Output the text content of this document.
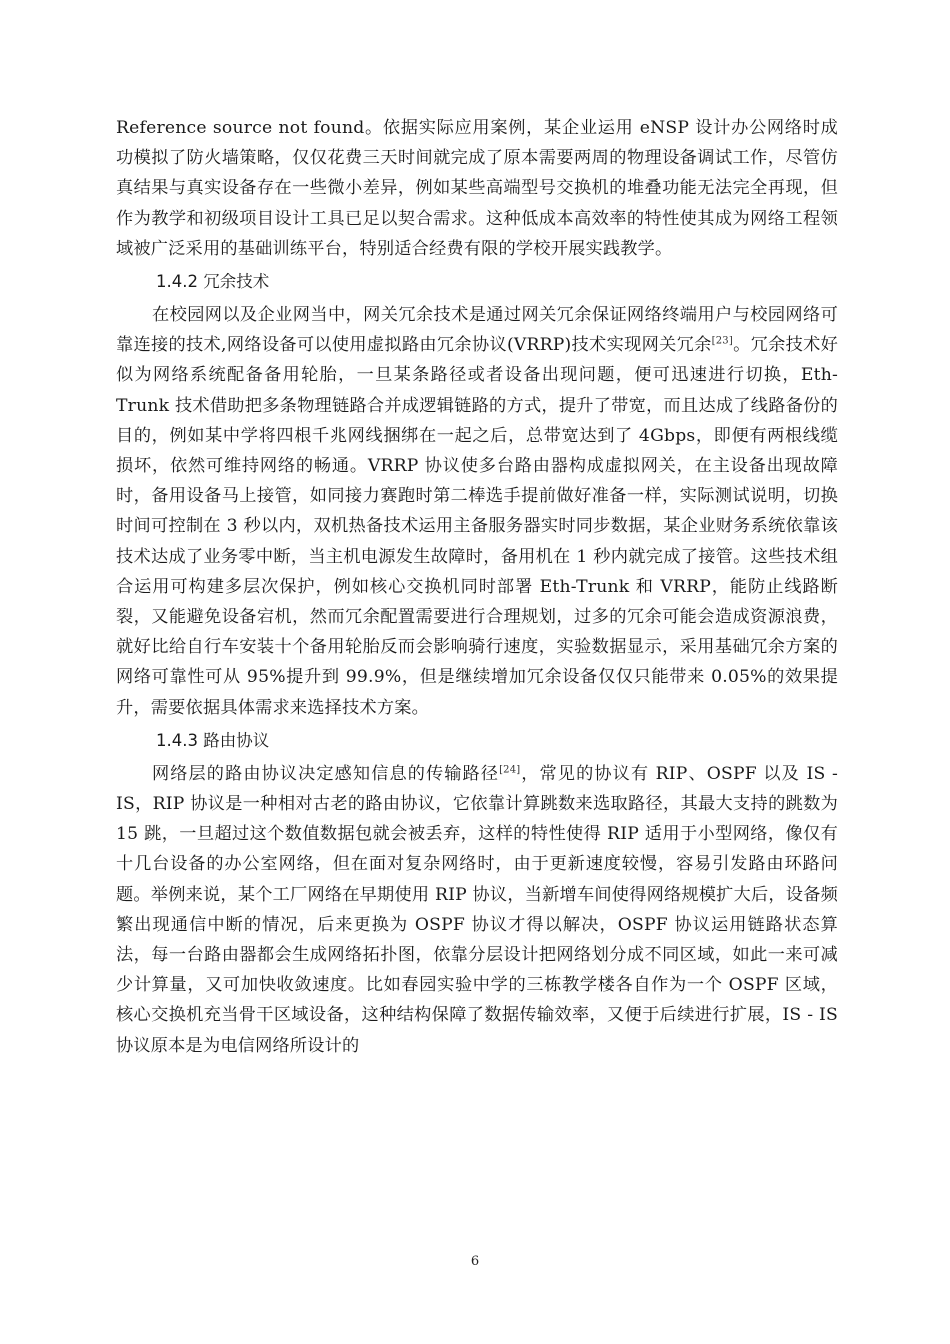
Reference source not found。依据实际应用案例，某企业运用 eNSP 设计办公网络时成功模拟了防火墙策略，仅仅花费三天时间就完成了原本需要两周的物理设备调试工作，尽管仿真结果与真实设备存在一些微小差异，例如某些高端型号交换机的堆叠功能无法完全再现，但作为教学和初级项目设计工具已足以契合需求。这种低成本高效率的特性使其成为网络工程领域被广泛采用的基础训练平台，特别适合经费有限的学校开展实践教学。

1.4.2 冗余技术

在校园网以及企业网当中，网关冗余技术是通过网关冗余保证网络终端用户与校园网络可靠连接的技术,网络设备可以使用虚拟路由冗余协议(VRRP)技术实现网关冗余[23]。冗余技术好似为网络系统配备备用轮胎，一旦某条路径或者设备出现问题，便可迅速进行切换，Eth-Trunk 技术借助把多条物理链路合并成逻辑链路的方式，提升了带宽，而且达成了线路备份的目的，例如某中学将四根千兆网线捆绑在一起之后，总带宽达到了 4Gbps，即便有两根线缆损坏，依然可维持网络的畅通。VRRP 协议使多台路由器构成虚拟网关，在主设备出现故障时，备用设备马上接管，如同接力赛跑时第二棒选手提前做好准备一样，实际测试说明，切换时间可控制在 3 秒以内，双机热备技术运用主备服务器实时同步数据，某企业财务系统依靠该技术达成了业务零中断，当主机电源发生故障时，备用机在 1 秒内就完成了接管。这些技术组合运用可构建多层次保护，例如核心交换机同时部署 Eth-Trunk 和 VRRP，能防止线路断裂，又能避免设备宕机，然而冗余配置需要进行合理规划，过多的冗余可能会造成资源浪费，就好比给自行车安装十个备用轮胎反而会影响骑行速度，实验数据显示，采用基础冗余方案的网络可靠性可从 95%提升到 99.9%，但是继续增加冗余设备仅仅只能带来 0.05%的效果提升，需要依据具体需求来选择技术方案。

1.4.3 路由协议

网络层的路由协议决定感知信息的传输路径[24]，常见的协议有 RIP、OSPF 以及 IS - IS，RIP 协议是一种相对古老的路由协议，它依靠计算跳数来选取路径，其最大支持的跳数为 15 跳，一旦超过这个数值数据包就会被丢弃，这样的特性使得 RIP 适用于小型网络，像仅有十几台设备的办公室网络，但在面对复杂网络时，由于更新速度较慢，容易引发路由环路问题。举例来说，某个工厂网络在早期使用 RIP 协议，当新增车间使得网络规模扩大后，设备频繁出现通信中断的情况，后来更换为 OSPF 协议才得以解决，OSPF 协议运用链路状态算法，每一台路由器都会生成网络拓扑图，依靠分层设计把网络划分成不同区域，如此一来可减少计算量，又可加快收敛速度。比如春园实验中学的三栋教学楼各自作为一个 OSPF 区域，核心交换机充当骨干区域设备，这种结构保障了数据传输效率，又便于后续进行扩展，IS - IS 协议原本是为电信网络所设计的

6
